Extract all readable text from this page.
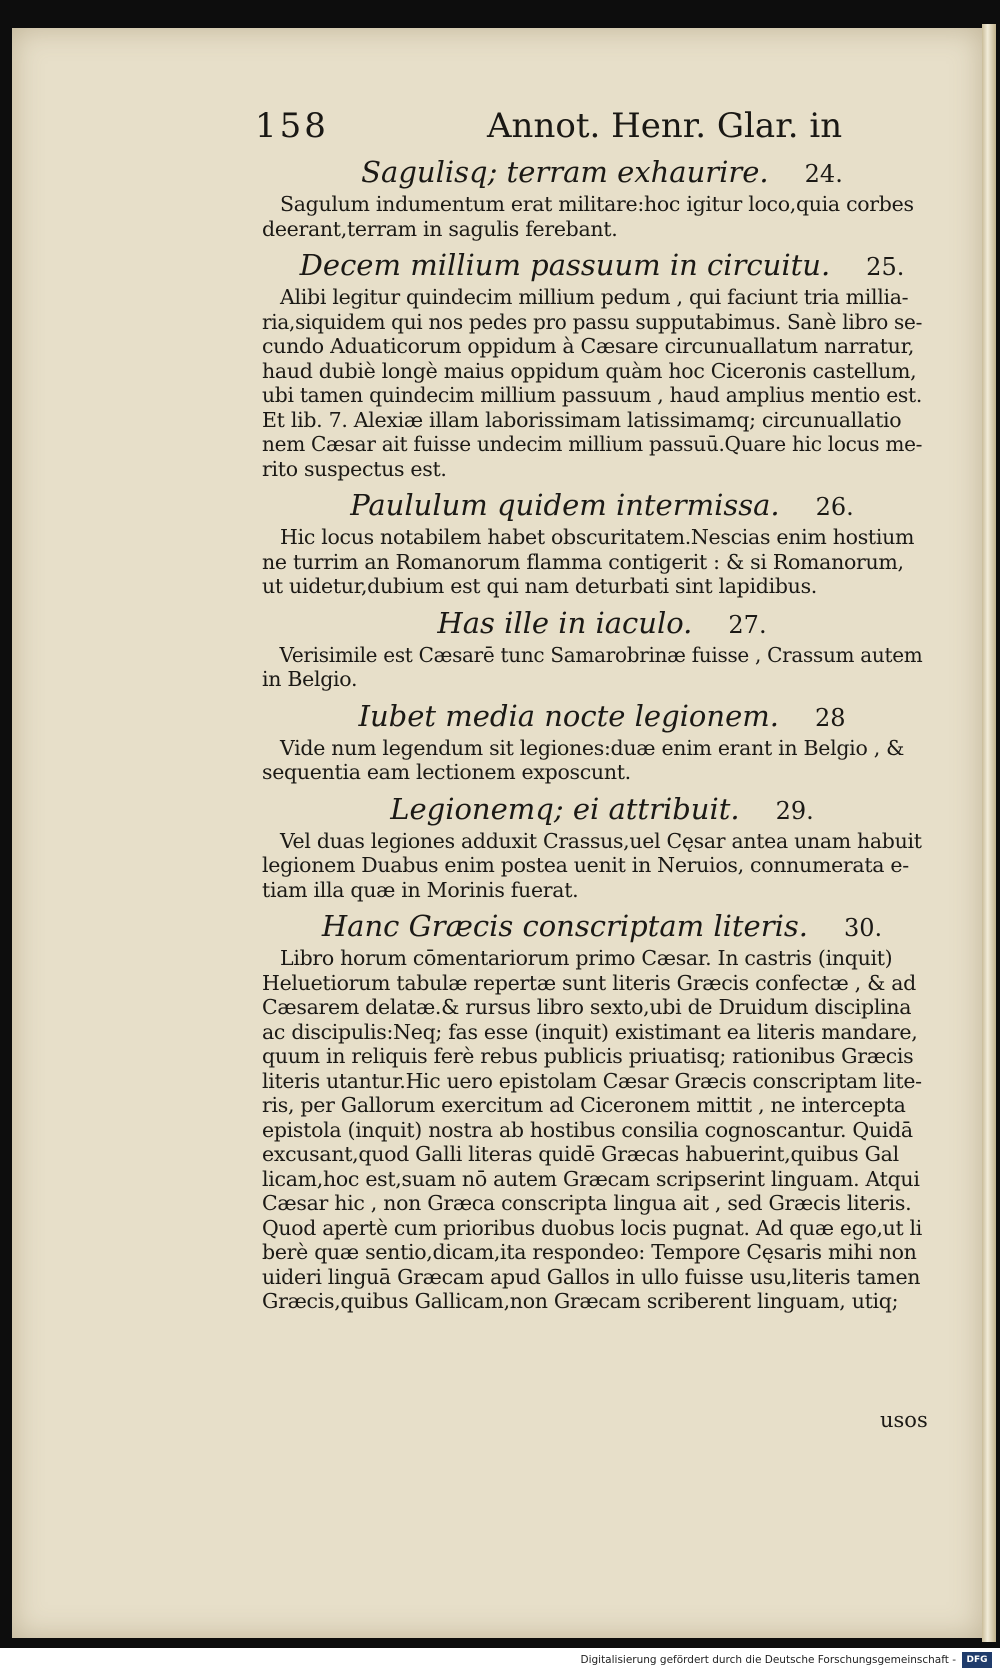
158	Annot. Henr. Glar. in
Sagulisq; terram exhaurire. 24.
Sagulum indumentum erat militare:hoc igitur loco,quia corbes
deerant,terram in sagulis ferebant.
Decem millium passuum in circuitu. 25.
Alibi legitur quindecim millium pedum , qui faciunt tria millia-
ria,siquidem qui nos pedes pro passu supputabimus. Sanè libro se-
cundo Aduaticorum oppidum à Cæsare circunuallatum narratur,
haud dubiè longè maius oppidum quàm hoc Ciceronis castellum,
ubi tamen quindecim millium passuum , haud amplius mentio est.
Et lib. 7. Alexiæ illam laborissimam latissimamq; circunuallatio
nem Cæsar ait fuisse undecim millium passuū.Quare hic locus me-
rito suspectus est.
Paululum quidem intermissa. 26.
Hic locus notabilem habet obscuritatem.Nescias enim hostium
ne turrim an Romanorum flamma contigerit : & si Romanorum,
ut uidetur,dubium est qui nam deturbati sint lapidibus.
Has ille in iaculo. 27.
Verisimile est Cæsarē tunc Samarobrinæ fuisse , Crassum autem
in Belgio.
Iubet media nocte legionem. 28
Vide num legendum sit legiones:duæ enim erant in Belgio , &
sequentia eam lectionem exposcunt.
Legionemq; ei attribuit. 29.
Vel duas legiones adduxit Crassus,uel Cęsar antea unam habuit
legionem Duabus enim postea uenit in Neruios, connumerata e-
tiam illa quæ in Morinis fuerat.
Hanc Græcis conscriptam literis. 30.
Libro horum cōmentariorum primo Cæsar. In castris (inquit)
Heluetiorum tabulæ repertæ sunt literis Græcis confectæ , & ad
Cæsarem delatæ.& rursus libro sexto,ubi de Druidum disciplina
ac discipulis:Neq; fas esse (inquit) existimant ea literis mandare,
quum in reliquis ferè rebus publicis priuatisq; rationibus Græcis
literis utantur.Hic uero epistolam Cæsar Græcis conscriptam lite-
ris, per Gallorum exercitum ad Ciceronem mittit , ne intercepta
epistola (inquit) nostra ab hostibus consilia cognoscantur. Quidā
excusant,quod Galli literas quidē Græcas habuerint,quibus Gal
licam,hoc est,suam nō autem Græcam scripserint linguam. Atqui
Cæsar hic , non Græca conscripta lingua ait , sed Græcis literis.
Quod apertè cum prioribus duobus locis pugnat. Ad quæ ego,ut li
berè quæ sentio,dicam,ita respondeo: Tempore Cęsaris mihi non
uideri linguā Græcam apud Gallos in ullo fuisse usu,literis tamen
Græcis,quibus Gallicam,non Græcam scriberent linguam, utiq;
usos
Digitalisierung gefördert durch die Deutsche Forschungsgemeinschaft -	DFG
